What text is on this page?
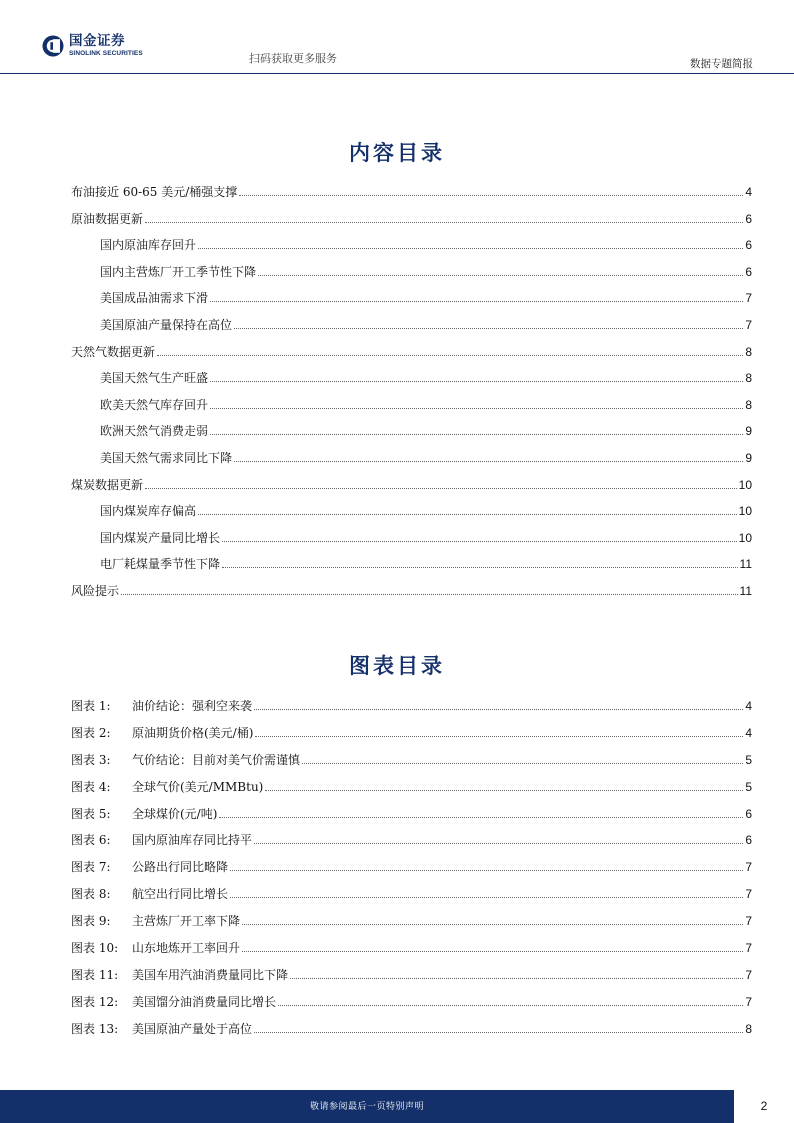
国金证券
SINOLINK SECURITIES	扫码获取更多服务	数据专题简报
内容目录
布油接近 60-65 美元/桶强支撑	4
原油数据更新	6
国内原油库存回升	6
国内主营炼厂开工季节性下降	6
美国成品油需求下滑	7
美国原油产量保持在高位	7
天然气数据更新	8
美国天然气生产旺盛	8
欧美天然气库存回升	8
欧洲天然气消费走弱	9
美国天然气需求同比下降	9
煤炭数据更新	10
国内煤炭库存偏高	10
国内煤炭产量同比增长	10
电厂耗煤量季节性下降	11
风险提示	11
图表目录
图表 1:	油价结论：强利空来袭	4
图表 2:	原油期货价格(美元/桶)	4
图表 3:	气价结论：目前对美气价需谨慎	5
图表 4:	全球气价(美元/MMBtu)	5
图表 5:	全球煤价(元/吨)	6
图表 6:	国内原油库存同比持平	6
图表 7:	公路出行同比略降	7
图表 8:	航空出行同比增长	7
图表 9:	主营炼厂开工率下降	7
图表 10:	山东地炼开工率回升	7
图表 11:	美国车用汽油消费量同比下降	7
图表 12:	美国馏分油消费量同比增长	7
图表 13:	美国原油产量处于高位	8
敬请参阅最后一页特别声明	2
